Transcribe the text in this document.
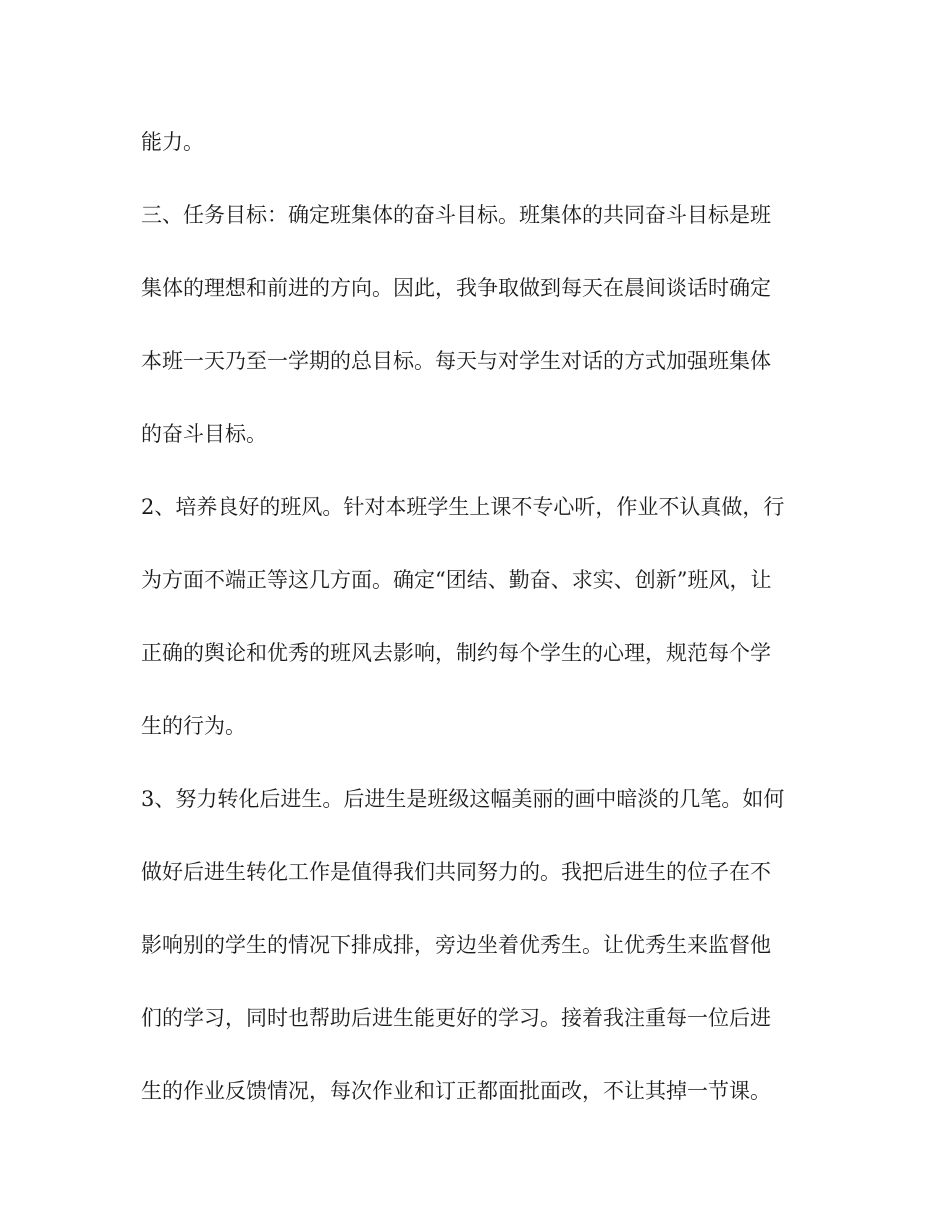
能力。

三、任务目标：确定班集体的奋斗目标。班集体的共同奋斗目标是班

集体的理想和前进的方向。因此，我争取做到每天在晨间谈话时确定

本班一天乃至一学期的总目标。每天与对学生对话的方式加强班集体

的奋斗目标。

2、培养良好的班风。针对本班学生上课不专心听，作业不认真做，行

为方面不端正等这几方面。确定“团结、勤奋、求实、创新”班风，让

正确的舆论和优秀的班风去影响，制约每个学生的心理，规范每个学

生的行为。

3、努力转化后进生。后进生是班级这幅美丽的画中暗淡的几笔。如何

做好后进生转化工作是值得我们共同努力的。我把后进生的位子在不

影响别的学生的情况下排成排，旁边坐着优秀生。让优秀生来监督他

们的学习，同时也帮助后进生能更好的学习。接着我注重每一位后进

生的作业反馈情况，每次作业和订正都面批面改，不让其掉一节课。
